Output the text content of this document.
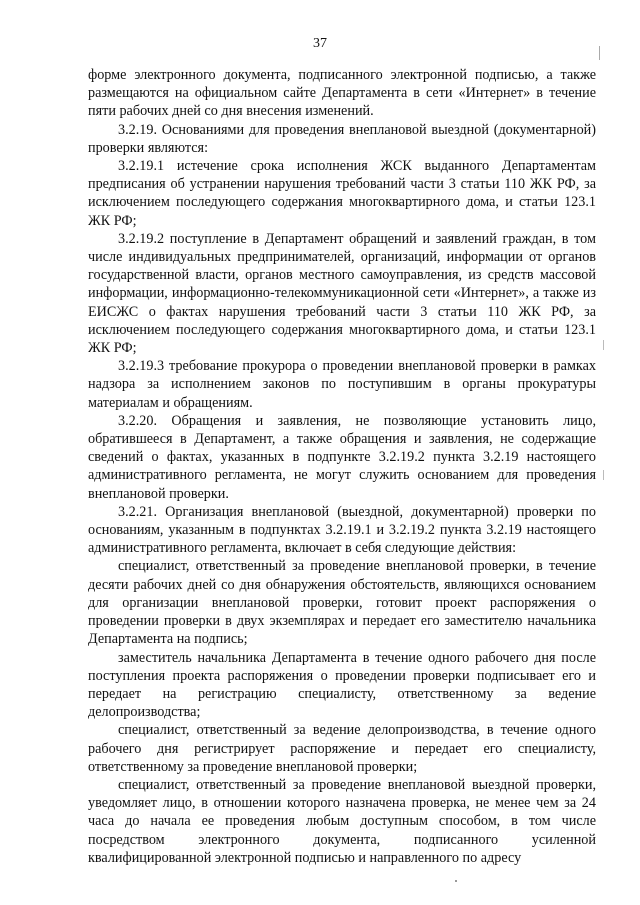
37

форме электронного документа, подписанного электронной подписью, а также размещаются на официальном сайте Департамента в сети «Интернет» в течение пяти рабочих дней со дня внесения изменений.

3.2.19. Основаниями для проведения внеплановой выездной (документарной) проверки являются:

3.2.19.1 истечение срока исполнения ЖСК выданного Департаментам предписания об устранении нарушения требований части 3 статьи 110 ЖК РФ, за исключением последующего содержания многоквартирного дома, и статьи 123.1 ЖК РФ;

3.2.19.2 поступление в Департамент обращений и заявлений граждан, в том числе индивидуальных предпринимателей, организаций, информации от органов государственной власти, органов местного самоуправления, из средств массовой информации, информационно-телекоммуникационной сети «Интернет», а также из ЕИСЖС о фактах нарушения требований части 3 статьи 110 ЖК РФ, за исключением последующего содержания многоквартирного дома, и статьи 123.1 ЖК РФ;

3.2.19.3 требование прокурора о проведении внеплановой проверки в рамках надзора за исполнением законов по поступившим в органы прокуратуры материалам и обращениям.

3.2.20. Обращения и заявления, не позволяющие установить лицо, обратившееся в Департамент, а также обращения и заявления, не содержащие сведений о фактах, указанных в подпункте 3.2.19.2 пункта 3.2.19 настоящего административного регламента, не могут служить основанием для проведения внеплановой проверки.

3.2.21. Организация внеплановой (выездной, документарной) проверки по основаниям, указанным в подпунктах 3.2.19.1 и 3.2.19.2 пункта 3.2.19 настоящего административного регламента, включает в себя следующие действия:

специалист, ответственный за проведение внеплановой проверки, в течение десяти рабочих дней со дня обнаружения обстоятельств, являющихся основанием для организации внеплановой проверки, готовит проект распоряжения о проведении проверки в двух экземплярах и передает его заместителю начальника Департамента на подпись;

заместитель начальника Департамента в течение одного рабочего дня после поступления проекта распоряжения о проведении проверки подписывает его и передает на регистрацию специалисту, ответственному за ведение делопроизводства;

специалист, ответственный за ведение делопроизводства, в течение одного рабочего дня регистрирует распоряжение и передает его специалисту, ответственному за проведение внеплановой проверки;

специалист, ответственный за проведение внеплановой выездной проверки, уведомляет лицо, в отношении которого назначена проверка, не менее чем за 24 часа до начала ее проведения любым доступным способом, в том числе посредством электронного документа, подписанного усиленной квалифицированной электронной подписью и направленного по адресу
